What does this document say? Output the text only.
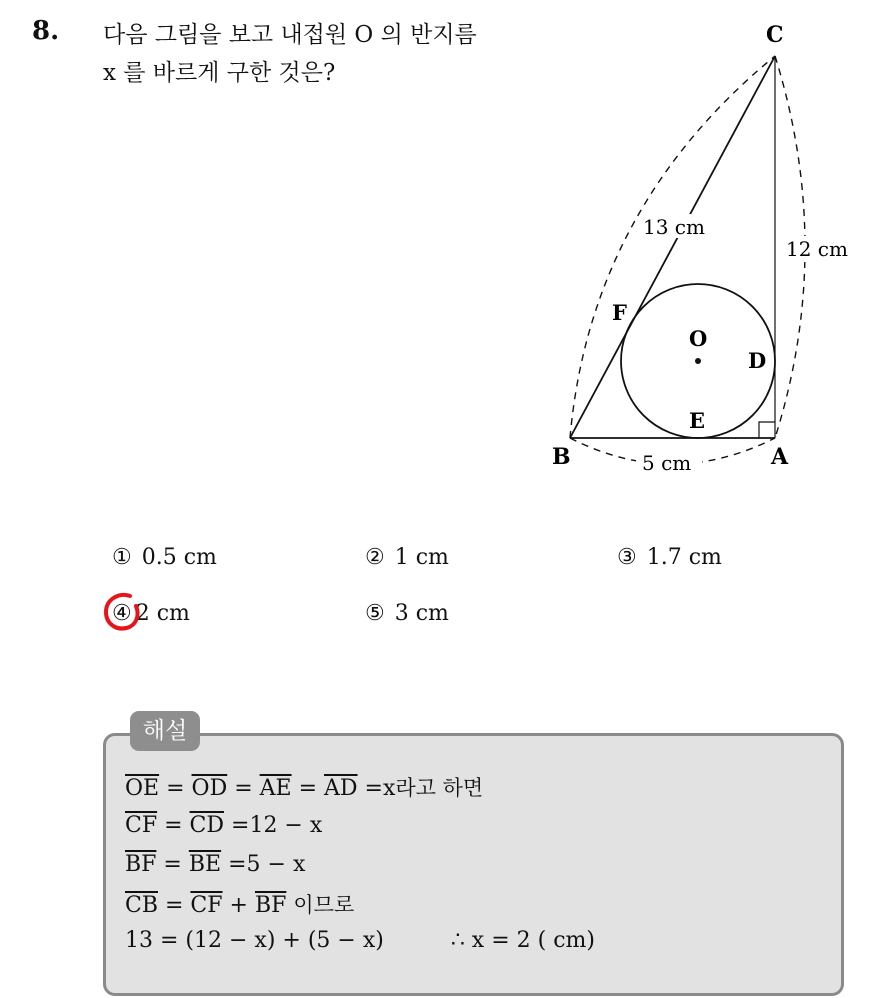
8. 다음 그림을 보고 내접원 O 의 반지름
x 를 바르게 구한 것은?
C
B	A
F
D
E
O
13 cm
12 cm
5 cm
① 0.5 cm	② 1 cm	③ 1.7 cm
④ 2 cm	⑤ 3 cm
해설
$\overline{OE} = \overline{OD} = \overline{AE} = \overline{AD} =x$라고 하면
$\overline{CF} = \overline{CD} =12 - x$
$\overline{BF} = \overline{BE} =5 - x$
$\overline{CB} = \overline{CF} + \overline{BF}$ 이므로
13 = (12 − x) + (5 − x)	∴ x = 2 ( cm)
